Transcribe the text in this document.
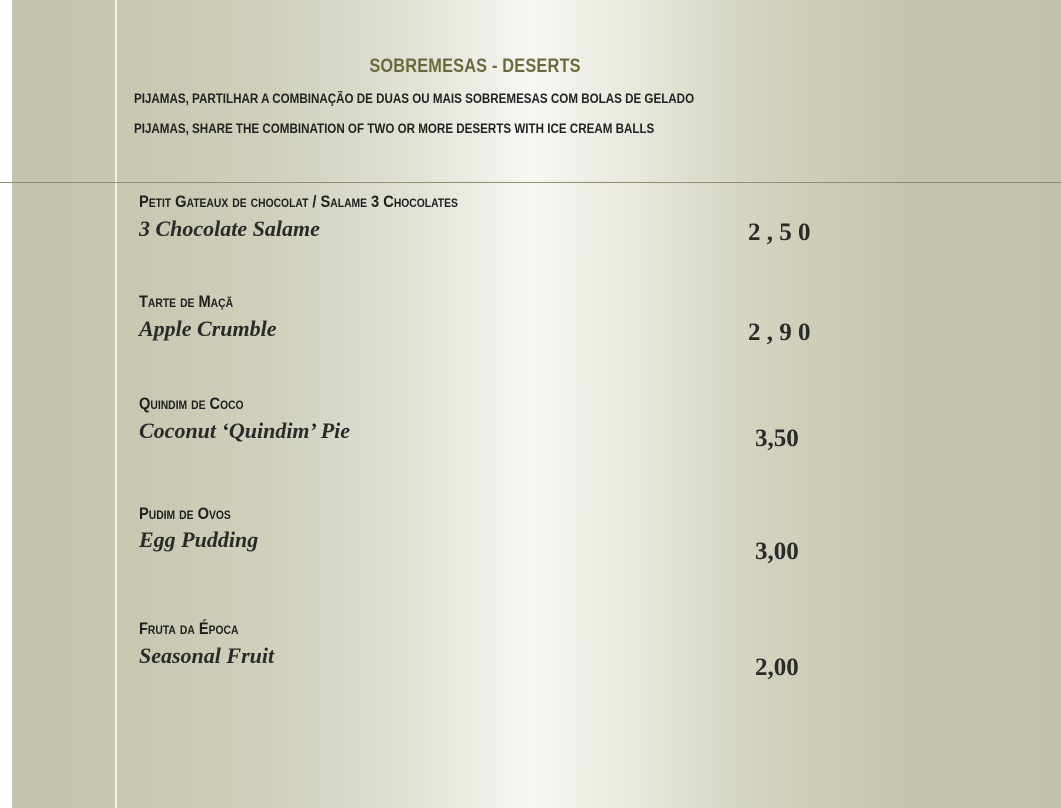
SOBREMESAS - DESERTS
PIJAMAS, PARTILHAR A COMBINAÇÃO DE DUAS OU MAIS SOBREMESAS COM BOLAS DE GELADO
PIJAMAS, SHARE THE COMBINATION OF TWO OR MORE DESERTS WITH ICE CREAM BALLS
Petit Gateaux de chocolat / Salame 3 Chocolates
3 Chocolate Salame	2 , 5 0
Tarte de Maçã
Apple Crumble	2 , 9 0
Quindim de Coco
Coconut ‘Quindim’ Pie	3,50
Pudim de Ovos
Egg Pudding	3,00
Fruta da Época
Seasonal Fruit	2,00
